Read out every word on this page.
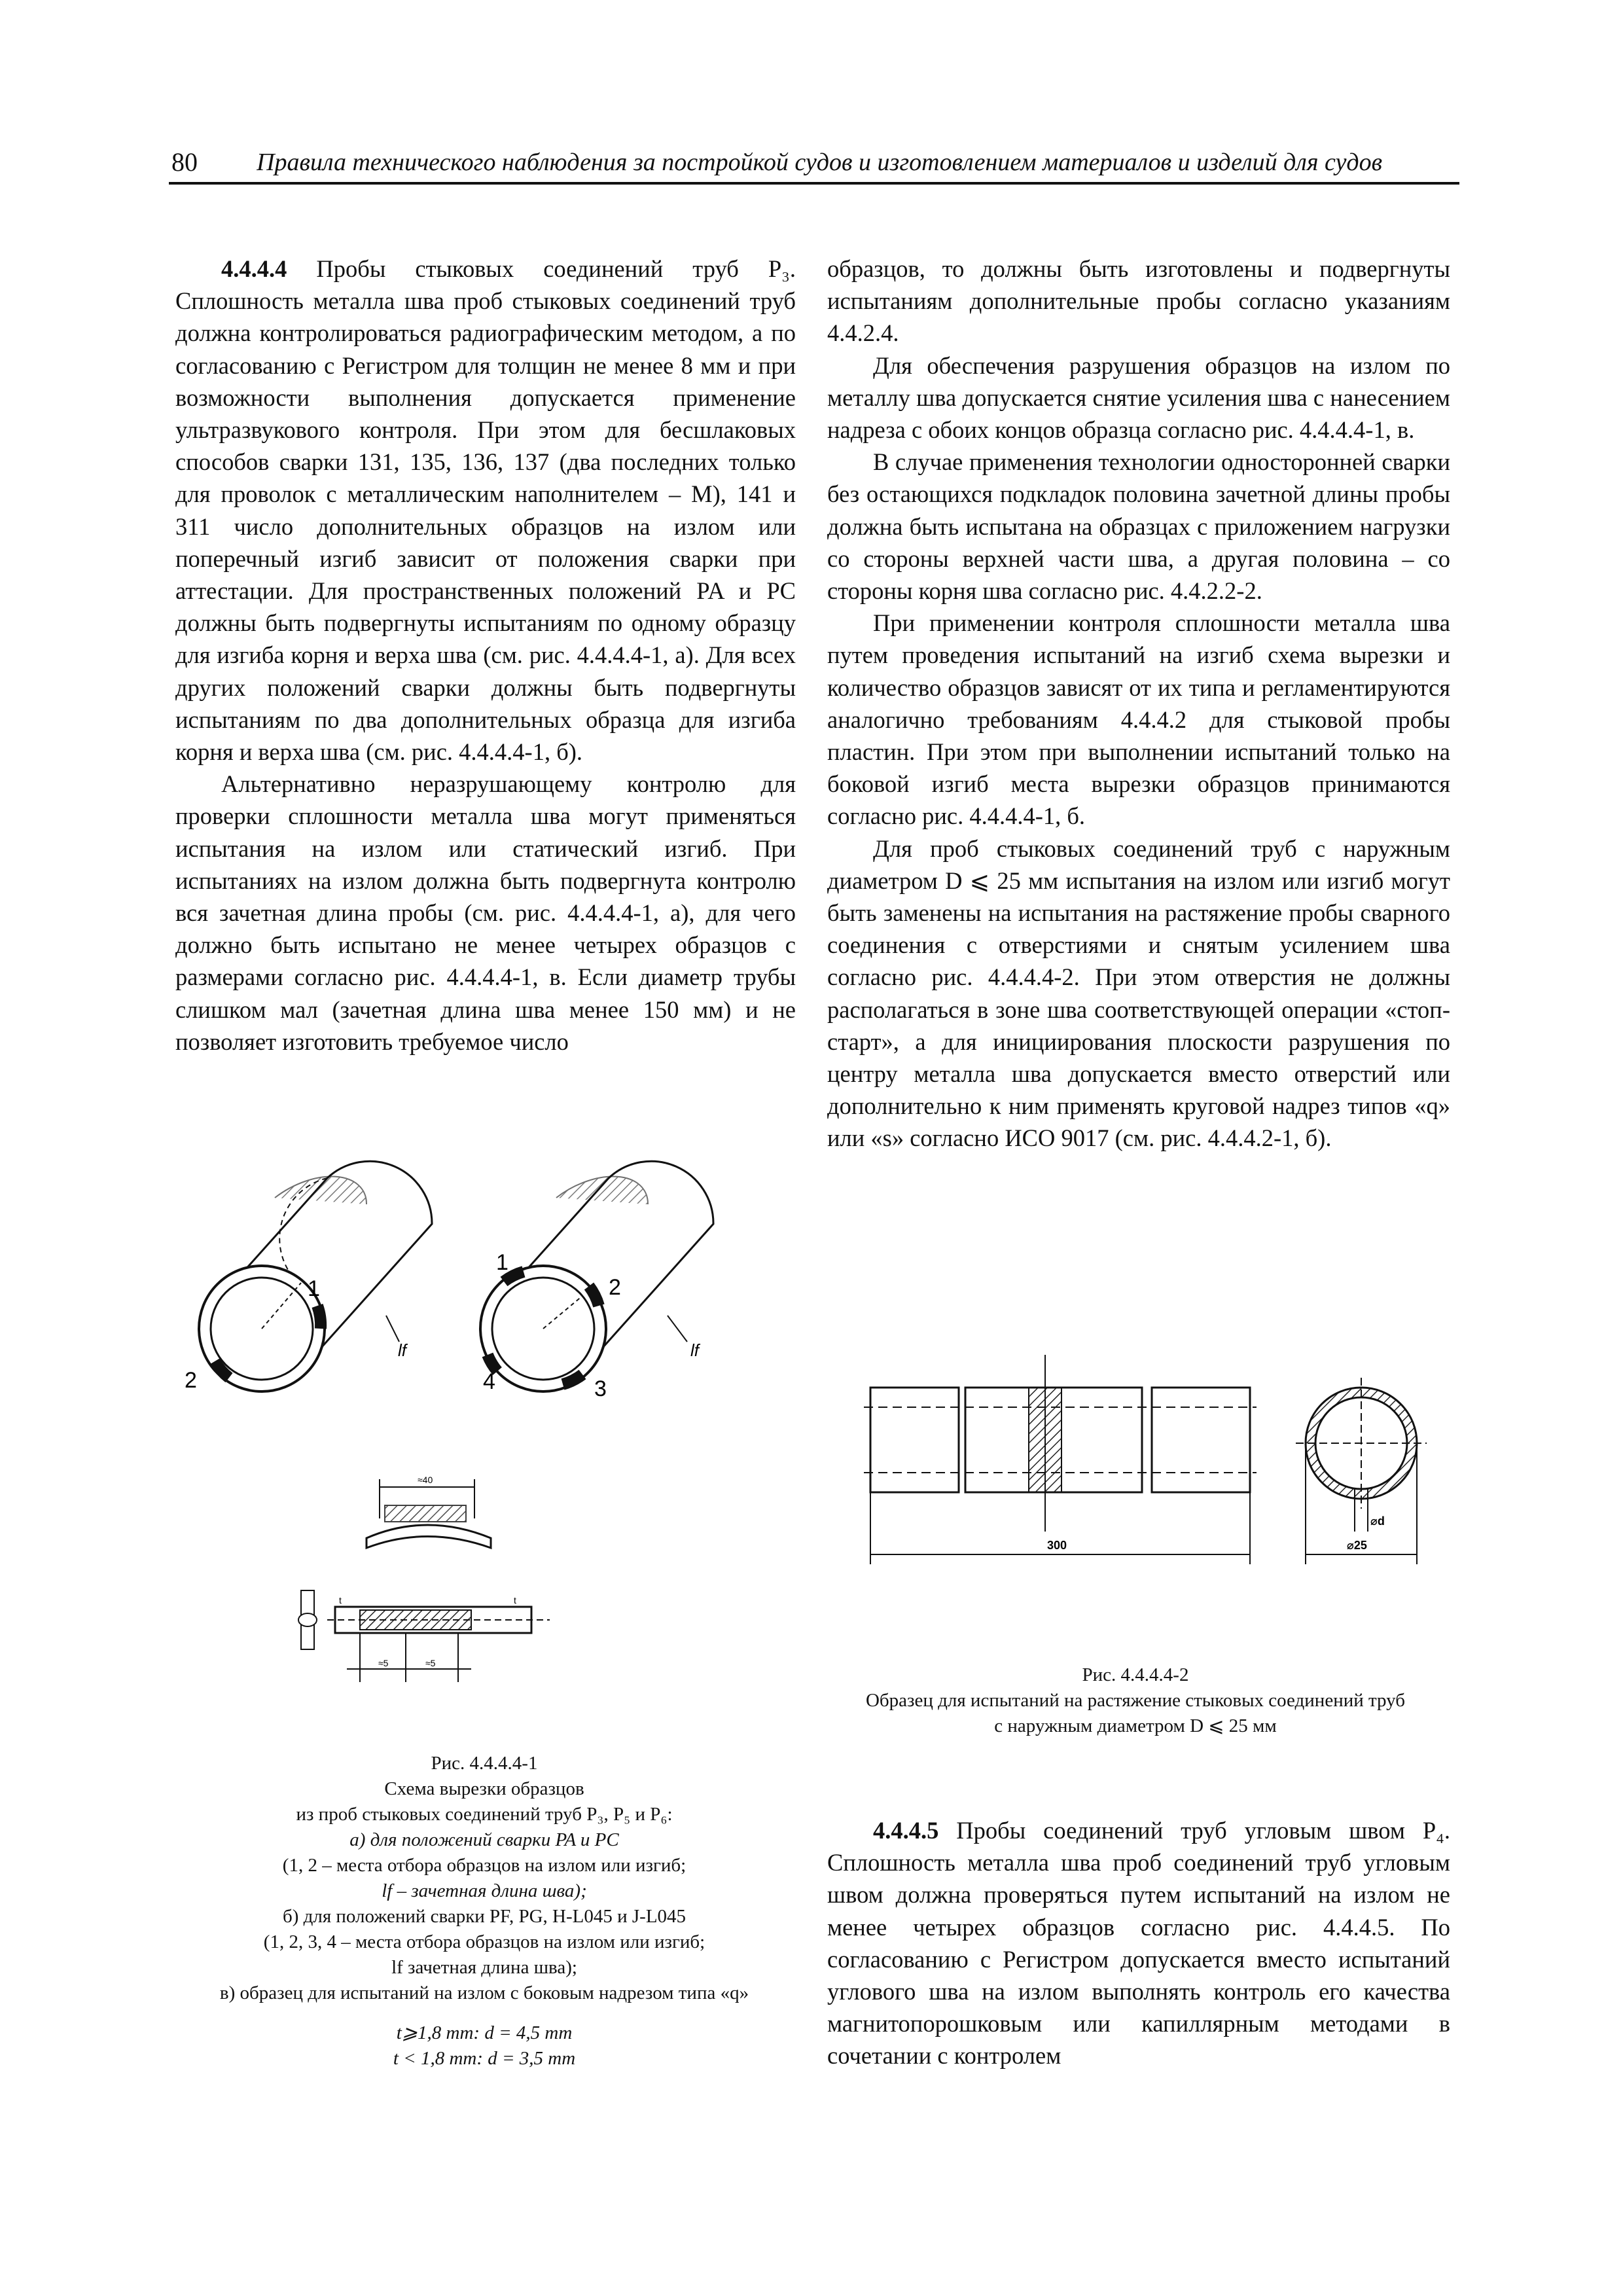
80 Правила технического наблюдения за постройкой судов и изготовлением материалов и изделий для судов

4.4.4.4 Пробы стыковых соединений труб P₃. Сплошность металла шва проб стыковых соединений труб должна контролироваться радиографическим методом, а по согласованию с Регистром для толщин не менее 8 мм и при возможности выполнения допускается применение ультразвукового контроля. При этом для бесшлаковых способов сварки 131, 135, 136, 137 (два последних только для проволок с металлическим наполнителем – М), 141 и 311 число дополнительных образцов на излом или поперечный изгиб зависит от положения сварки при аттестации. Для пространственных положений PA и PC должны быть подвергнуты испытаниям по одному образцу для изгиба корня и верха шва (см. рис. 4.4.4.4-1, а). Для всех других положений сварки должны быть подвергнуты испытаниям по два дополнительных образца для изгиба корня и верха шва (см. рис. 4.4.4.4-1, б).

Альтернативно неразрушающему контролю для проверки сплошности металла шва могут применяться испытания на излом или статический изгиб. При испытаниях на излом должна быть подвергнута контролю вся зачетная длина пробы (см. рис. 4.4.4.4-1, а), для чего должно быть испытано не менее четырех образцов с размерами согласно рис. 4.4.4.4-1, в. Если диаметр трубы слишком мал (зачетная длина шва менее 150 мм) и не позволяет изготовить требуемое число

образцов, то должны быть изготовлены и подвергнуты испытаниям дополнительные пробы согласно указаниям 4.4.2.4.

Для обеспечения разрушения образцов на излом по металлу шва допускается снятие усиления шва с нанесением надреза с обоих концов образца согласно рис. 4.4.4.4-1, в.

В случае применения технологии односторонней сварки без остающихся подкладок половина зачетной длины пробы должна быть испытана на образцах с приложением нагрузки со стороны верхней части шва, а другая половина – со стороны корня шва согласно рис. 4.4.2.2-2.

При применении контроля сплошности металла шва путем проведения испытаний на изгиб схема вырезки и количество образцов зависят от их типа и регламентируются аналогично требованиям 4.4.4.2 для стыковой пробы пластин. При этом при выполнении испытаний только на боковой изгиб места вырезки образцов принимаются согласно рис. 4.4.4.4-1, б.

Для проб стыковых соединений труб с наружным диаметром D ⩽ 25 мм испытания на излом или изгиб могут быть заменены на испытания на растяжение пробы сварного соединения с отверстиями и снятым усилением шва согласно рис. 4.4.4.4-2. При этом отверстия не должны располагаться в зоне шва соответствующей операции «стоп-старт», а для инициирования плоскости разрушения по центру металла шва допускается вместо отверстий или дополнительно к ним применять круговой надрез типов «q» или «s» согласно ИСО 9017 (см. рис. 4.4.4.2-1, б).

1
2
lf
1
2
3
4
lf
≈40
t	t
≈5	≈5
Рис. 4.4.4.4-1
Схема вырезки образцов
из проб стыковых соединений труб P₃, P₅ и P₆:
а) для положений сварки PA и PC
(1, 2 – места отбора образцов на излом или изгиб;
lf – зачетная длина шва);
б) для положений сварки PF, PG, H-L045 и J-L045
(1, 2, 3, 4 – места отбора образцов на излом или изгиб;
lf зачетная длина шва);
в) образец для испытаний на излом с боковым надрезом типа «q»
t⩾1,8 mm: d = 4,5 mm
t < 1,8 mm: d = 3,5 mm
300
⌀d
⌀25
Рис. 4.4.4.4-2
Образец для испытаний на растяжение стыковых соединений труб
с наружным диаметром D ⩽ 25 мм

4.4.4.5 Пробы соединений труб угловым швом P₄. Сплошность металла шва проб соединений труб угловым швом должна проверяться путем испытаний на излом не менее четырех образцов согласно рис. 4.4.4.5. По согласованию с Регистром допускается вместо испытаний углового шва на излом выполнять контроль его качества магнитопорошковым или капиллярным методами в сочетании с контролем
